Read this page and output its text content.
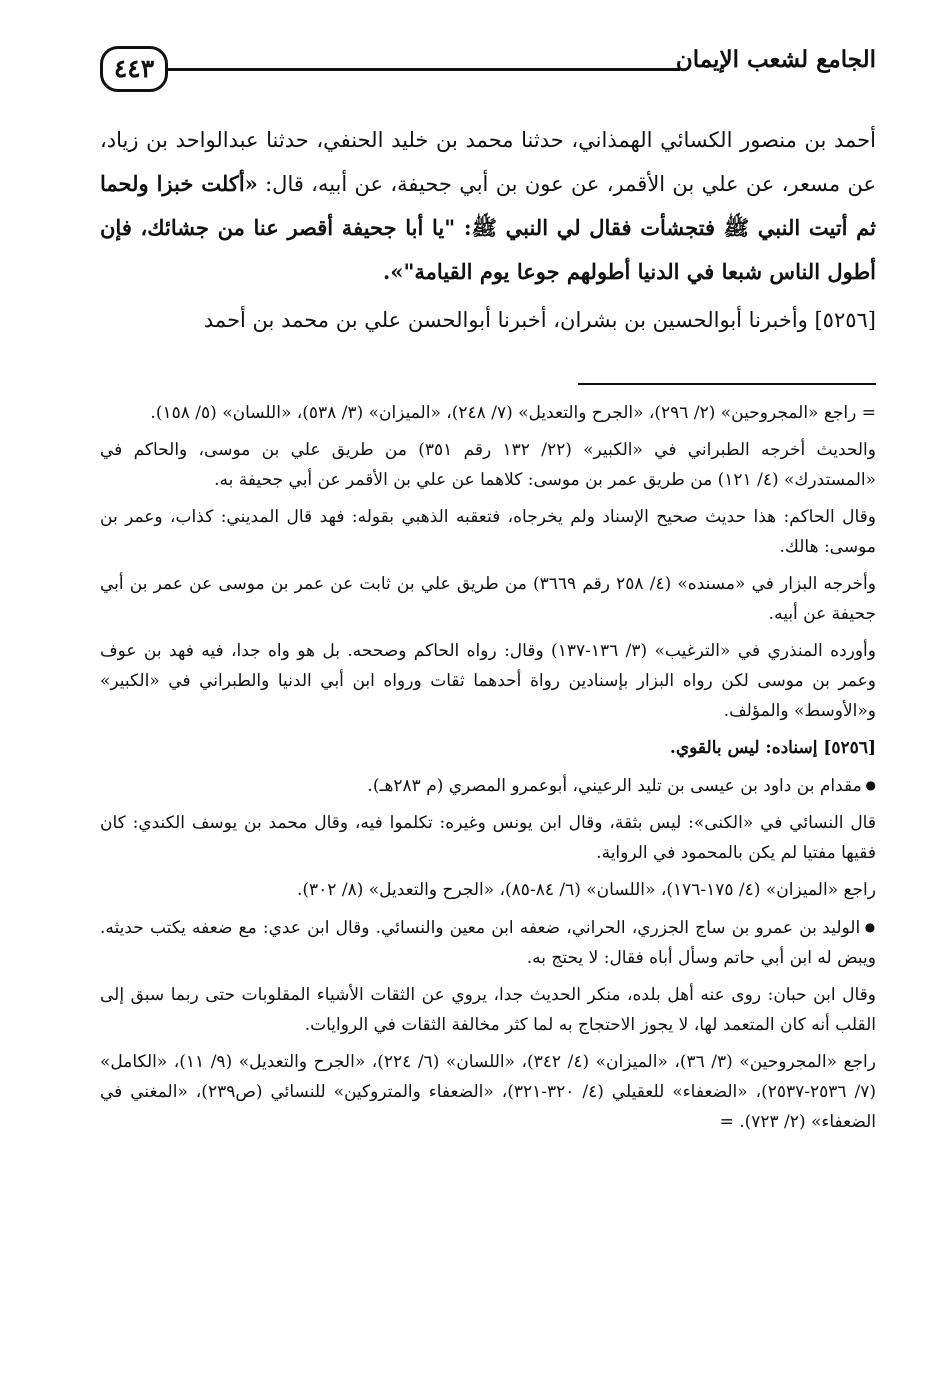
الجامع لشعب الإيمان
٤٤٣

أحمد بن منصور الكسائي الهمذاني، حدثنا محمد بن خليد الحنفي، حدثنا عبدالواحد بن زياد، عن مسعر، عن علي بن الأقمر، عن عون بن أبي جحيفة، عن أبيه، قال: «أكلت خبزا ولحما ثم أتيت النبي ﷺ فتجشأت فقال لي النبي ﷺ: "يا أبا جحيفة أقصر عنا من جشائك، فإن أطول الناس شبعا في الدنيا أطولهم جوعا يوم القيامة"».

[٥٢٥٦] وأخبرنا أبوالحسين بن بشران، أخبرنا أبوالحسن علي بن محمد بن أحمد

= راجع «المجروحين» (٢/ ٢٩٦)، «الجرح والتعديل» (٧/ ٢٤٨)، «الميزان» (٣/ ٥٣٨)، «اللسان» (٥/ ١٥٨).

والحديث أخرجه الطبراني في «الكبير» (٢٢/ ١٣٢ رقم ٣٥١) من طريق علي بن موسى، والحاكم في «المستدرك» (٤/ ١٢١) من طريق عمر بن موسى: كلاهما عن علي بن الأقمر عن أبي جحيفة به.

وقال الحاكم: هذا حديث صحيح الإسناد ولم يخرجاه، فتعقبه الذهبي بقوله: فهد قال المديني: كذاب، وعمر بن موسى: هالك.

وأخرجه البزار في «مسنده» (٤/ ٢٥٨ رقم ٣٦٦٩) من طريق علي بن ثابت عن عمر بن موسى عن عمر بن أبي جحيفة عن أبيه.

وأورده المنذري في «الترغيب» (٣/ ١٣٦-١٣٧) وقال: رواه الحاكم وصححه. بل هو واه جدا، فيه فهد بن عوف وعمر بن موسى لكن رواه البزار بإسنادين رواة أحدهما ثقات ورواه ابن أبي الدنيا والطبراني في «الكبير» و«الأوسط» والمؤلف.

[٥٢٥٦] إسناده: ليس بالقوي.

● مقدام بن داود بن عيسى بن تليد الرعيني، أبوعمرو المصري (م ٢٨٣هـ).

قال النسائي في «الكنى»: ليس بثقة، وقال ابن يونس وغيره: تكلموا فيه، وقال محمد بن يوسف الكندي: كان فقيها مفتيا لم يكن بالمحمود في الرواية.

راجع «الميزان» (٤/ ١٧٥-١٧٦)، «اللسان» (٦/ ٨٤-٨٥)، «الجرح والتعديل» (٨/ ٣٠٢).

● الوليد بن عمرو بن ساج الجزري، الحراني، ضعفه ابن معين والنسائي. وقال ابن عدي: مع ضعفه يكتب حديثه. ويبض له ابن أبي حاتم وسأل أباه فقال: لا يحتج به.

وقال ابن حبان: روى عنه أهل بلده، منكر الحديث جدا، يروي عن الثقات الأشياء المقلوبات حتى ربما سبق إلى القلب أنه كان المتعمد لها، لا يجوز الاحتجاج به لما كثر مخالفة الثقات في الروايات.

راجع «المجروحين» (٣/ ٣٦)، «الميزان» (٤/ ٣٤٢)، «اللسان» (٦/ ٢٢٤)، «الجرح والتعديل» (٩/ ١١)، «الكامل» (٧/ ٢٥٣٦-٢٥٣٧)، «الضعفاء» للعقيلي (٤/ ٣٢٠-٣٢١)، «الضعفاء والمتروكين» للنسائي (ص٢٣٩)، «المغني في الضعفاء» (٢/ ٧٢٣). =
